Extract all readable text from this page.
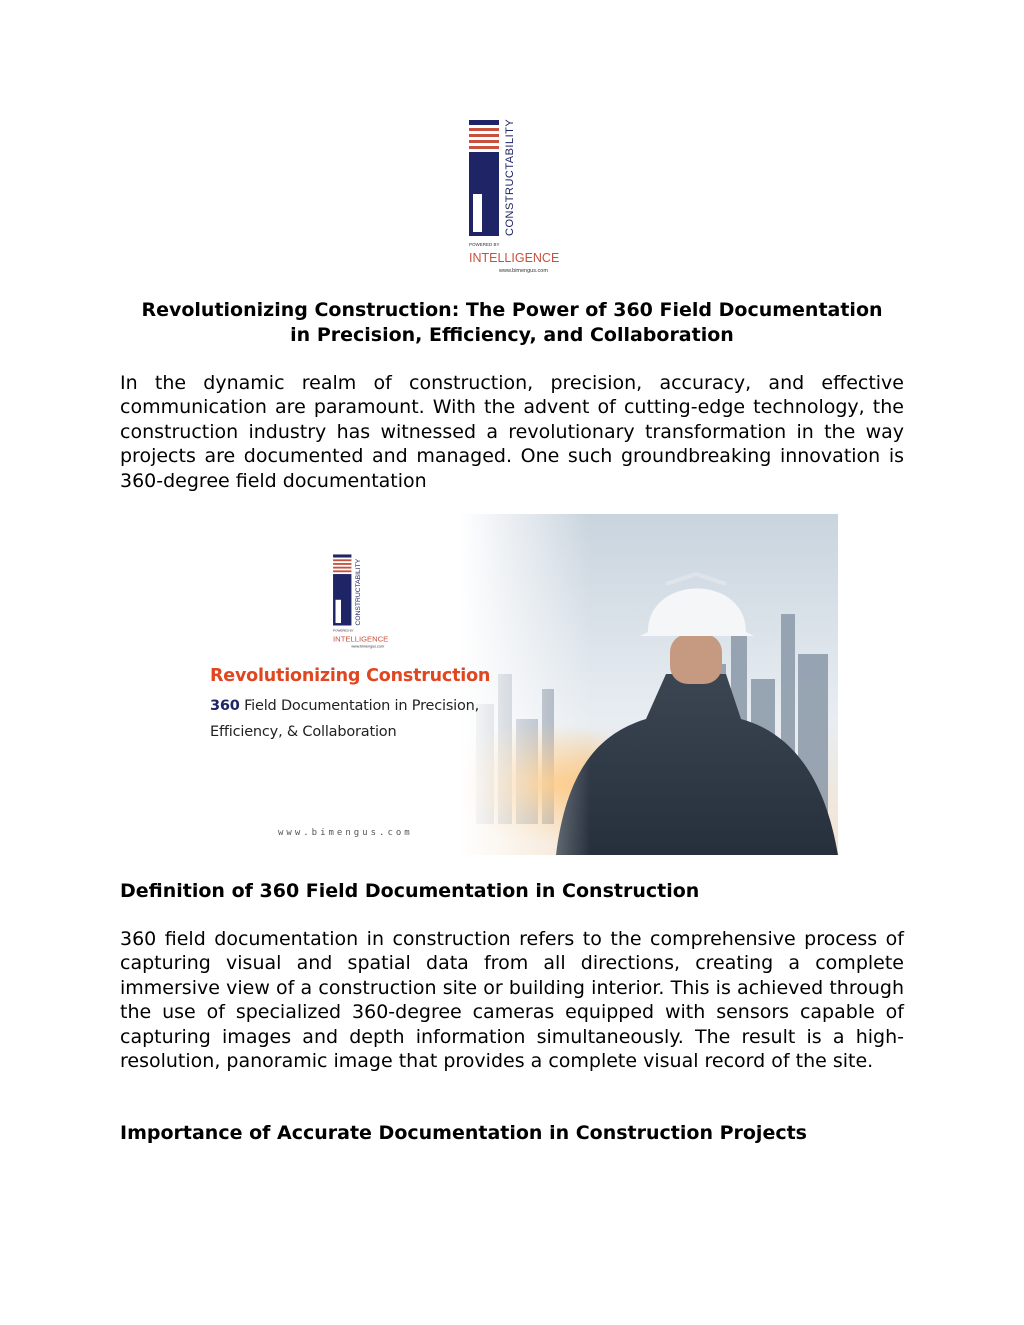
CONSTRUCTABILITY
POWERED BY
INTELLIGENCE
www.bimengus.com
Revolutionizing Construction: The Power of 360 Field Documentation
in Precision, Efficiency, and Collaboration
In the dynamic realm of construction, precision, accuracy, and effective communication are paramount. With the advent of cutting-edge technology, the construction industry has witnessed a revolutionary transformation in the way projects are documented and managed. One such groundbreaking innovation is 360-degree field documentation
CONSTRUCTABILITY
POWERED BY
INTELLIGENCE
www.bimengus.com
Revolutionizing Construction
360 Field Documentation in Precision,
Efficiency, & Collaboration
www.bimengus.com
Definition of 360 Field Documentation in Construction
360 field documentation in construction refers to the comprehensive process of capturing visual and spatial data from all directions, creating a complete immersive view of a construction site or building interior. This is achieved through the use of specialized 360-degree cameras equipped with sensors capable of capturing images and depth information simultaneously. The result is a high-resolution, panoramic image that provides a complete visual record of the site.
Importance of Accurate Documentation in Construction Projects
